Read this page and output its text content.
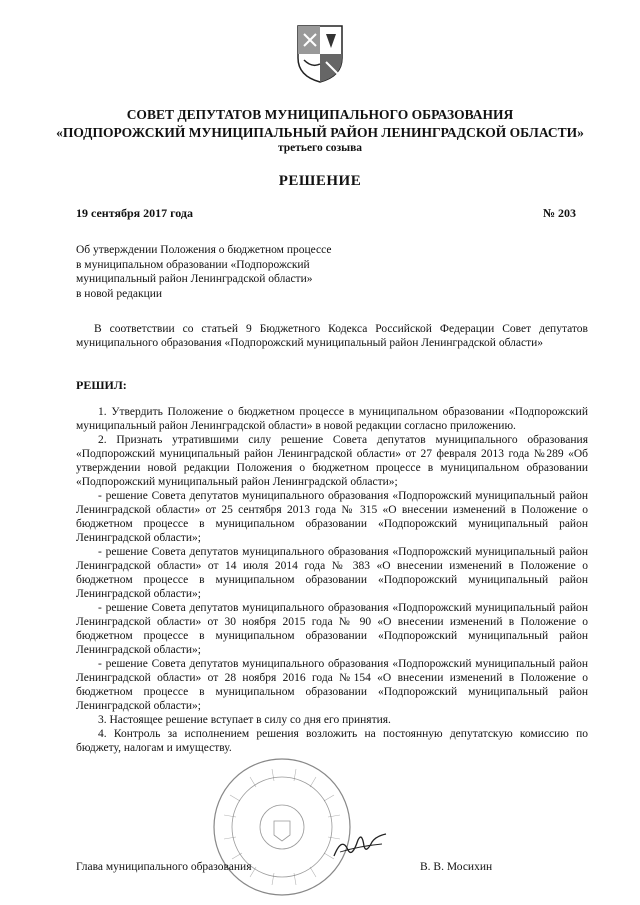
СОВЕТ ДЕПУТАТОВ МУНИЦИПАЛЬНОГО ОБРАЗОВАНИЯ
«ПОДПОРОЖСКИЙ МУНИЦИПАЛЬНЫЙ РАЙОН ЛЕНИНГРАДСКОЙ ОБЛАСТИ»
третьего созыва
РЕШЕНИЕ
19 сентября 2017 года	№ 203
Об утверждении Положения о бюджетном процессе
в муниципальном образовании «Подпорожский
муниципальный район Ленинградской области»
в новой редакции
В соответствии со статьей 9 Бюджетного Кодекса Российской Федерации Совет депутатов муниципального образования «Подпорожский муниципальный район Ленинградской области»
РЕШИЛ:

1. Утвердить Положение о бюджетном процессе в муниципальном образовании «Подпорожский муниципальный район Ленинградской области» в новой редакции согласно приложению.

2. Признать утратившими силу решение Совета депутатов муниципального образования «Подпорожский муниципальный район Ленинградской области» от 27 февраля 2013 года №289 «Об утверждении новой редакции Положения о бюджетном процессе в муниципальном образовании «Подпорожский муниципальный район Ленинградской области»;

- решение Совета депутатов муниципального образования «Подпорожский муниципальный район Ленинградской области» от 25 сентября 2013 года № 315 «О внесении изменений в Положение о бюджетном процессе в муниципальном образовании «Подпорожский муниципальный район Ленинградской области»;

- решение Совета депутатов муниципального образования «Подпорожский муниципальный район Ленинградской области» от 14 июля 2014 года № 383 «О внесении изменений в Положение о бюджетном процессе в муниципальном образовании «Подпорожский муниципальный район Ленинградской области»;

- решение Совета депутатов муниципального образования «Подпорожский муниципальный район Ленинградской области» от 30 ноября 2015 года № 90 «О внесении изменений в Положение о бюджетном процессе в муниципальном образовании «Подпорожский муниципальный район Ленинградской области»;

- решение Совета депутатов муниципального образования «Подпорожский муниципальный район Ленинградской области» от 28 ноября 2016 года №154 «О внесении изменений в Положение о бюджетном процессе в муниципальном образовании «Подпорожский муниципальный район Ленинградской области»;

3. Настоящее решение вступает в силу со дня его принятия.

4. Контроль за исполнением решения возложить на постоянную депутатскую комиссию по бюджету, налогам и имуществу.

Глава муниципального образования	В. В. Мосихин
